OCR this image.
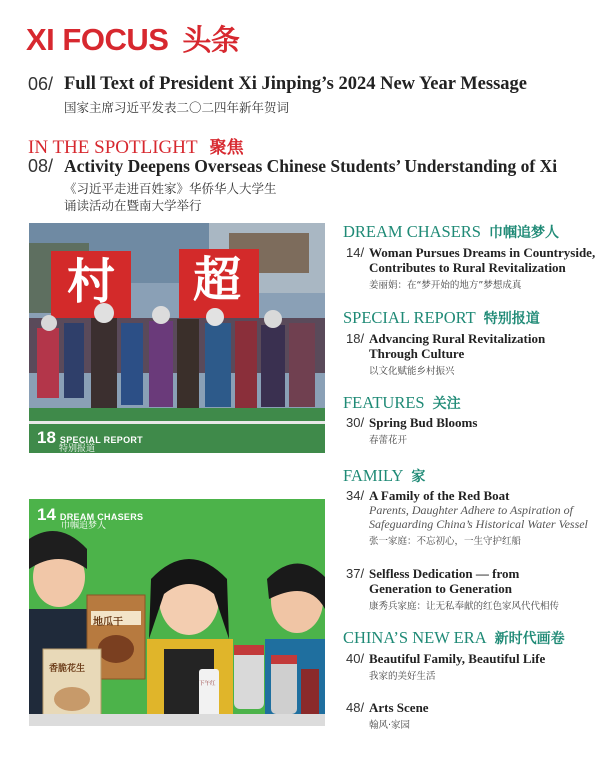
XI FOCUS 头条
06/ Full Text of President Xi Jinping’s 2024 New Year Message
国家主席习近平发表二〇二四年新年贺词
IN THE SPOTLIGHT 聚焦
08/ Activity Deepens Overseas Chinese Students’ Understanding of Xi
《习近平走进百姓家》华侨华人大学生
诵读活动在暨南大学举行
村 超
18 SPECIAL REPORT
特别报道
地瓜干
香脆花生
下午红
14 DREAM CHASERS
巾帼追梦人
DREAM CHASERS 巾帼追梦人
14/ Woman Pursues Dreams in Countryside,
Contributes to Rural Revitalization
姜丽娟：在“梦开始的地方”梦想成真
SPECIAL REPORT 特别报道
18/ Advancing Rural Revitalization
Through Culture
以文化赋能乡村振兴
FEATURES 关注
30/ Spring Bud Blooms
春蕾花开
FAMILY 家
34/ A Family of the Red Boat
Parents, Daughter Adhere to Aspiration of
Safeguarding China’s Historical Water Vessel
张一家庭：不忘初心，一生守护红船
37/ Selfless Dedication — from
Generation to Generation
康秀兵家庭：让无私奉献的红色家风代代相传
CHINA’S NEW ERA 新时代画卷
40/ Beautiful Family, Beautiful Life
我家的美好生活
48/ Arts Scene
翰风·家园
